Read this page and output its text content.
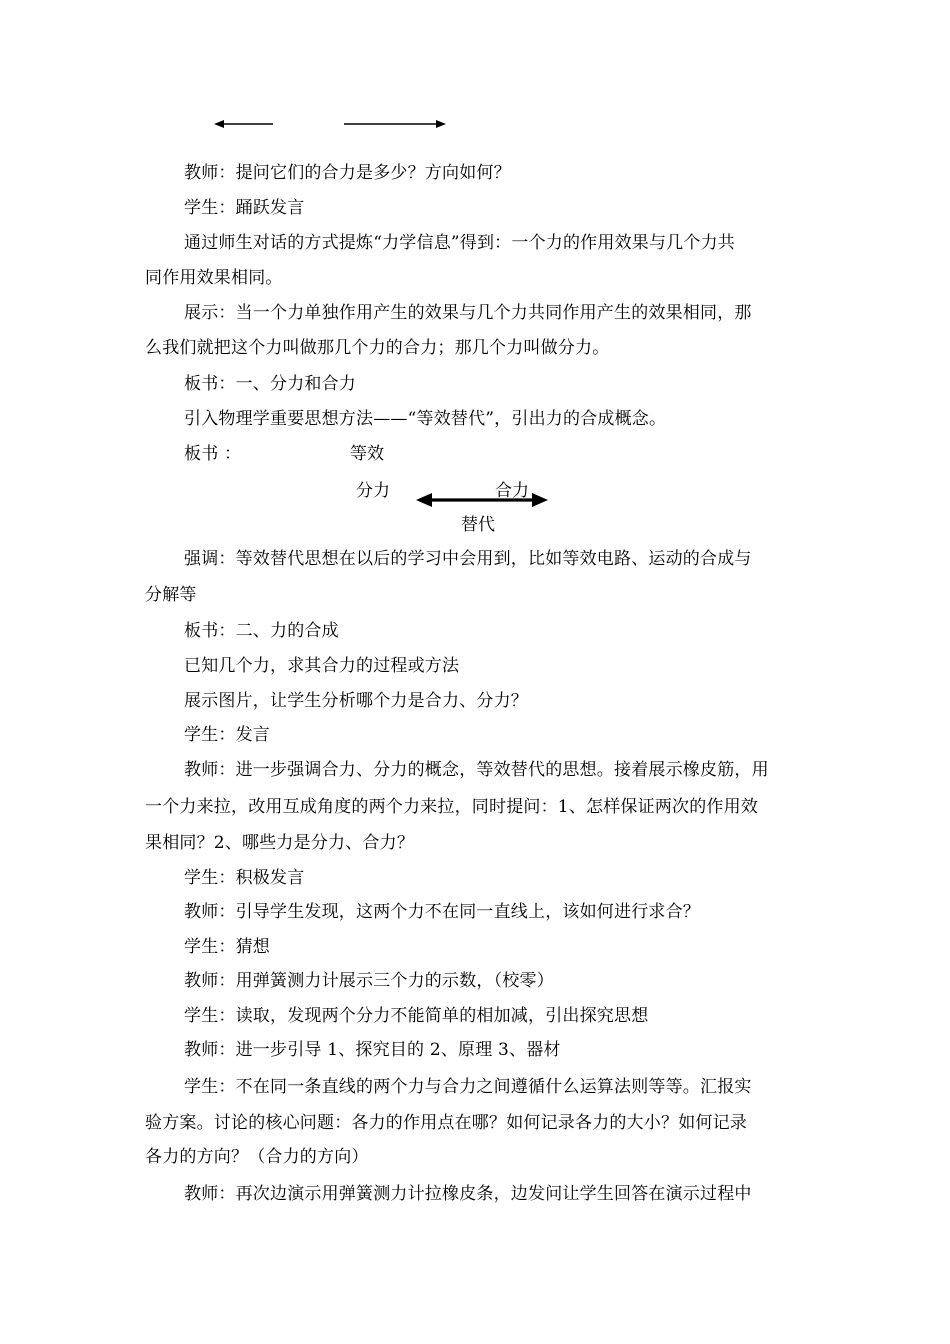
教师：提问它们的合力是多少？方向如何？
学生：踊跃发言
通过师生对话的方式提炼“力学信息”得到：一个力的作用效果与几个力共
同作用效果相同。
展示：当一个力单独作用产生的效果与几个力共同作用产生的效果相同，那
么我们就把这个力叫做那几个力的合力；那几个力叫做分力。
板书：一、分力和合力
引入物理学重要思想方法——“等效替代”，引出力的合成概念。
板书 ：	等效
分力	合力
替代
强调：等效替代思想在以后的学习中会用到，比如等效电路、运动的合成与
分解等
板书：二、力的合成
已知几个力，求其合力的过程或方法
展示图片，让学生分析哪个力是合力、分力？
学生：发言
教师：进一步强调合力、分力的概念，等效替代的思想。接着展示橡皮筋，用
一个力来拉，改用互成角度的两个力来拉，同时提问：1、怎样保证两次的作用效
果相同？2、哪些力是分力、合力？
学生：积极发言
教师：引导学生发现，这两个力不在同一直线上，该如何进行求合？
学生：猜想
教师：用弹簧测力计展示三个力的示数，（校零）
学生：读取，发现两个分力不能简单的相加减，引出探究思想
教师：进一步引导 1、探究目的 2、原理 3、器材
学生：不在同一条直线的两个力与合力之间遵循什么运算法则等等。汇报实
验方案。讨论的核心问题：各力的作用点在哪？如何记录各力的大小？如何记录
各力的方向？（合力的方向）
教师：再次边演示用弹簧测力计拉橡皮条，边发问让学生回答在演示过程中
